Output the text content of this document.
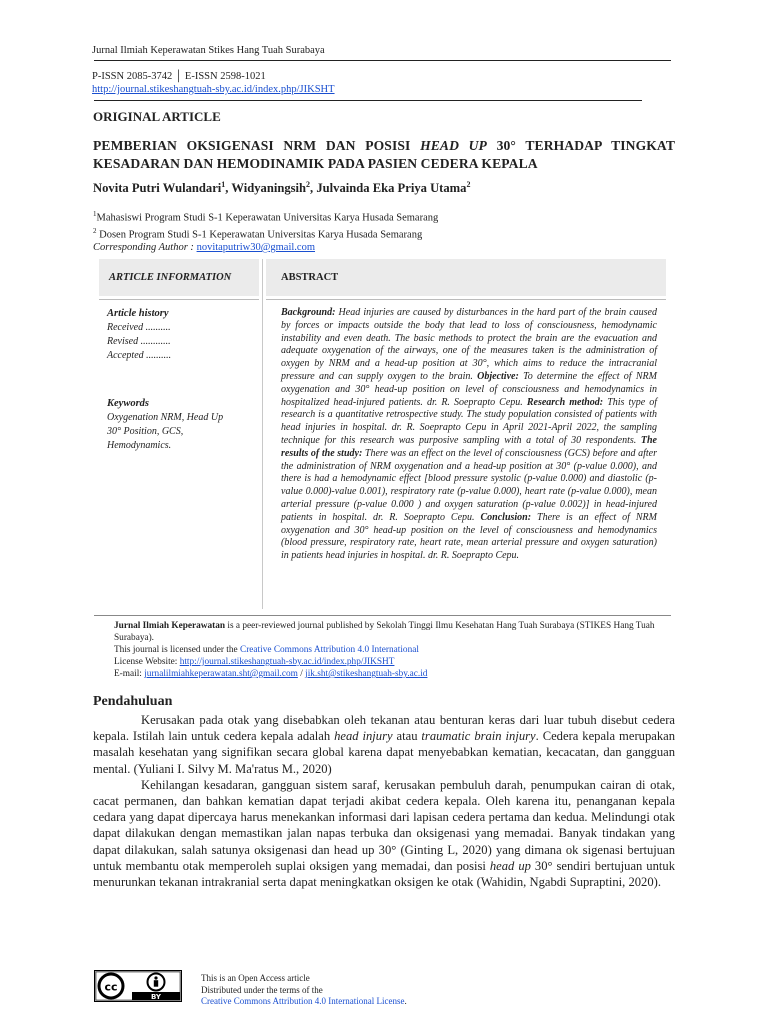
Jurnal Ilmiah Keperawatan Stikes Hang Tuah Surabaya
P-ISSN 2085-3742 │ E-ISSN 2598-1021
http://journal.stikeshangtuah-sby.ac.id/index.php/JIKSHT
ORIGINAL ARTICLE
PEMBERIAN OKSIGENASI NRM DAN POSISI HEAD UP 30° TERHADAP TINGKAT KESADARAN DAN HEMODINAMIK PADA PASIEN CEDERA KEPALA
Novita Putri Wulandari$^1$, Widyaningsih$^2$, Julvainda Eka Priya Utama$^2$
$^1$Mahasiswi Program Studi S-1 Keperawatan Universitas Karya Husada Semarang
$^2$ Dosen Program Studi S-1 Keperawatan Universitas Karya Husada Semarang
Corresponding Author : novitaputriw30@gmail.com
ARTICLE INFORMATION	ABSTRACT
Article history
Received ..........
Revised ............
Accepted ..........
Keywords
Oxygenation NRM, Head Up 30° Position, GCS, Hemodynamics.
Background: Head injuries are caused by disturbances in the hard part of the brain caused by forces or impacts outside the body that lead to loss of consciousness, hemodynamic instability and even death. The basic methods to protect the brain are the evacuation and adequate oxygenation of the airways, one of the measures taken is the administration of oxygen by NRM and a head-up position at 30°, which aims to reduce the intracranial pressure and can supply oxygen to the brain. Objective: To determine the effect of NRM oxygenation and 30° head-up position on level of consciousness and hemodynamics in hospitalized head-injured patients. dr. R. Soeprapto Cepu. Research method: This type of research is a quantitative retrospective study. The study population consisted of patients with head injuries in hospital. dr. R. Soeprapto Cepu in April 2021-April 2022, the sampling technique for this research was purposive sampling with a total of 30 respondents. The results of the study: There was an effect on the level of consciousness (GCS) before and after the administration of NRM oxygenation and a head-up position at 30° (p-value 0.000), and there is had a hemodynamic effect [blood pressure systolic (p-value 0.000) and diastolic (p-value 0.000)-value 0.001), respiratory rate (p-value 0.000), heart rate (p-value 0.000), mean arterial pressure (p-value 0.000 ) and oxygen saturation (p-value 0.002)] in head-injured patients in hospital. dr. R. Soeprapto Cepu. Conclusion: There is an effect of NRM oxygenation and 30° head-up position on the level of consciousness and hemodynamics (blood pressure, respiratory rate, heart rate, mean arterial pressure and oxygen saturation) in patients head injuries in hospital. dr. R. Soeprapto Cepu.
Jurnal Ilmiah Keperawatan is a peer-reviewed journal published by Sekolah Tinggi Ilmu Kesehatan Hang Tuah Surabaya (STIKES Hang Tuah Surabaya).
This journal is licensed under the Creative Commons Attribution 4.0 International
License Website: http://journal.stikeshangtuah-sby.ac.id/index.php/JIKSHT
E-mail: jurnalilmiahkeperawatan.sht@gmail.com / jik.sht@stikeshangtuah-sby.ac.id
Pendahuluan

Kerusakan pada otak yang disebabkan oleh tekanan atau benturan keras dari luar tubuh disebut cedera kepala. Istilah lain untuk cedera kepala adalah head injury atau traumatic brain injury. Cedera kepala merupakan masalah kesehatan yang signifikan secara global karena dapat menyebabkan kematian, kecacatan, dan gangguan mental. (Yuliani I. Silvy M. Ma'ratus M., 2020)

Kehilangan kesadaran, gangguan sistem saraf, kerusakan pembuluh darah, penumpukan cairan di otak, cacat permanen, dan bahkan kematian dapat terjadi akibat cedera kepala. Oleh karena itu, penanganan kepala cedara yang dapat dipercaya harus menekankan informasi dari lapisan cedera pertama dan kedua. Melindungi otak dapat dilakukan dengan memastikan jalan napas terbuka dan oksigenasi yang memadai. Banyak tindakan yang dapat dilakukan, salah satunya oksigenasi dan head up 30° (Ginting L, 2020) yang dimana ok sigenasi bertujuan untuk membantu otak memperoleh suplai oksigen yang memadai, dan posisi head up 30° sendiri bertujuan untuk menurunkan tekanan intrakranial serta dapat meningkatkan oksigen ke otak (Wahidin, Ngabdi Supraptini, 2020).

BY
cc
This is an Open Access article
Distributed under the terms of the
Creative Commons Attribution 4.0 International License.
